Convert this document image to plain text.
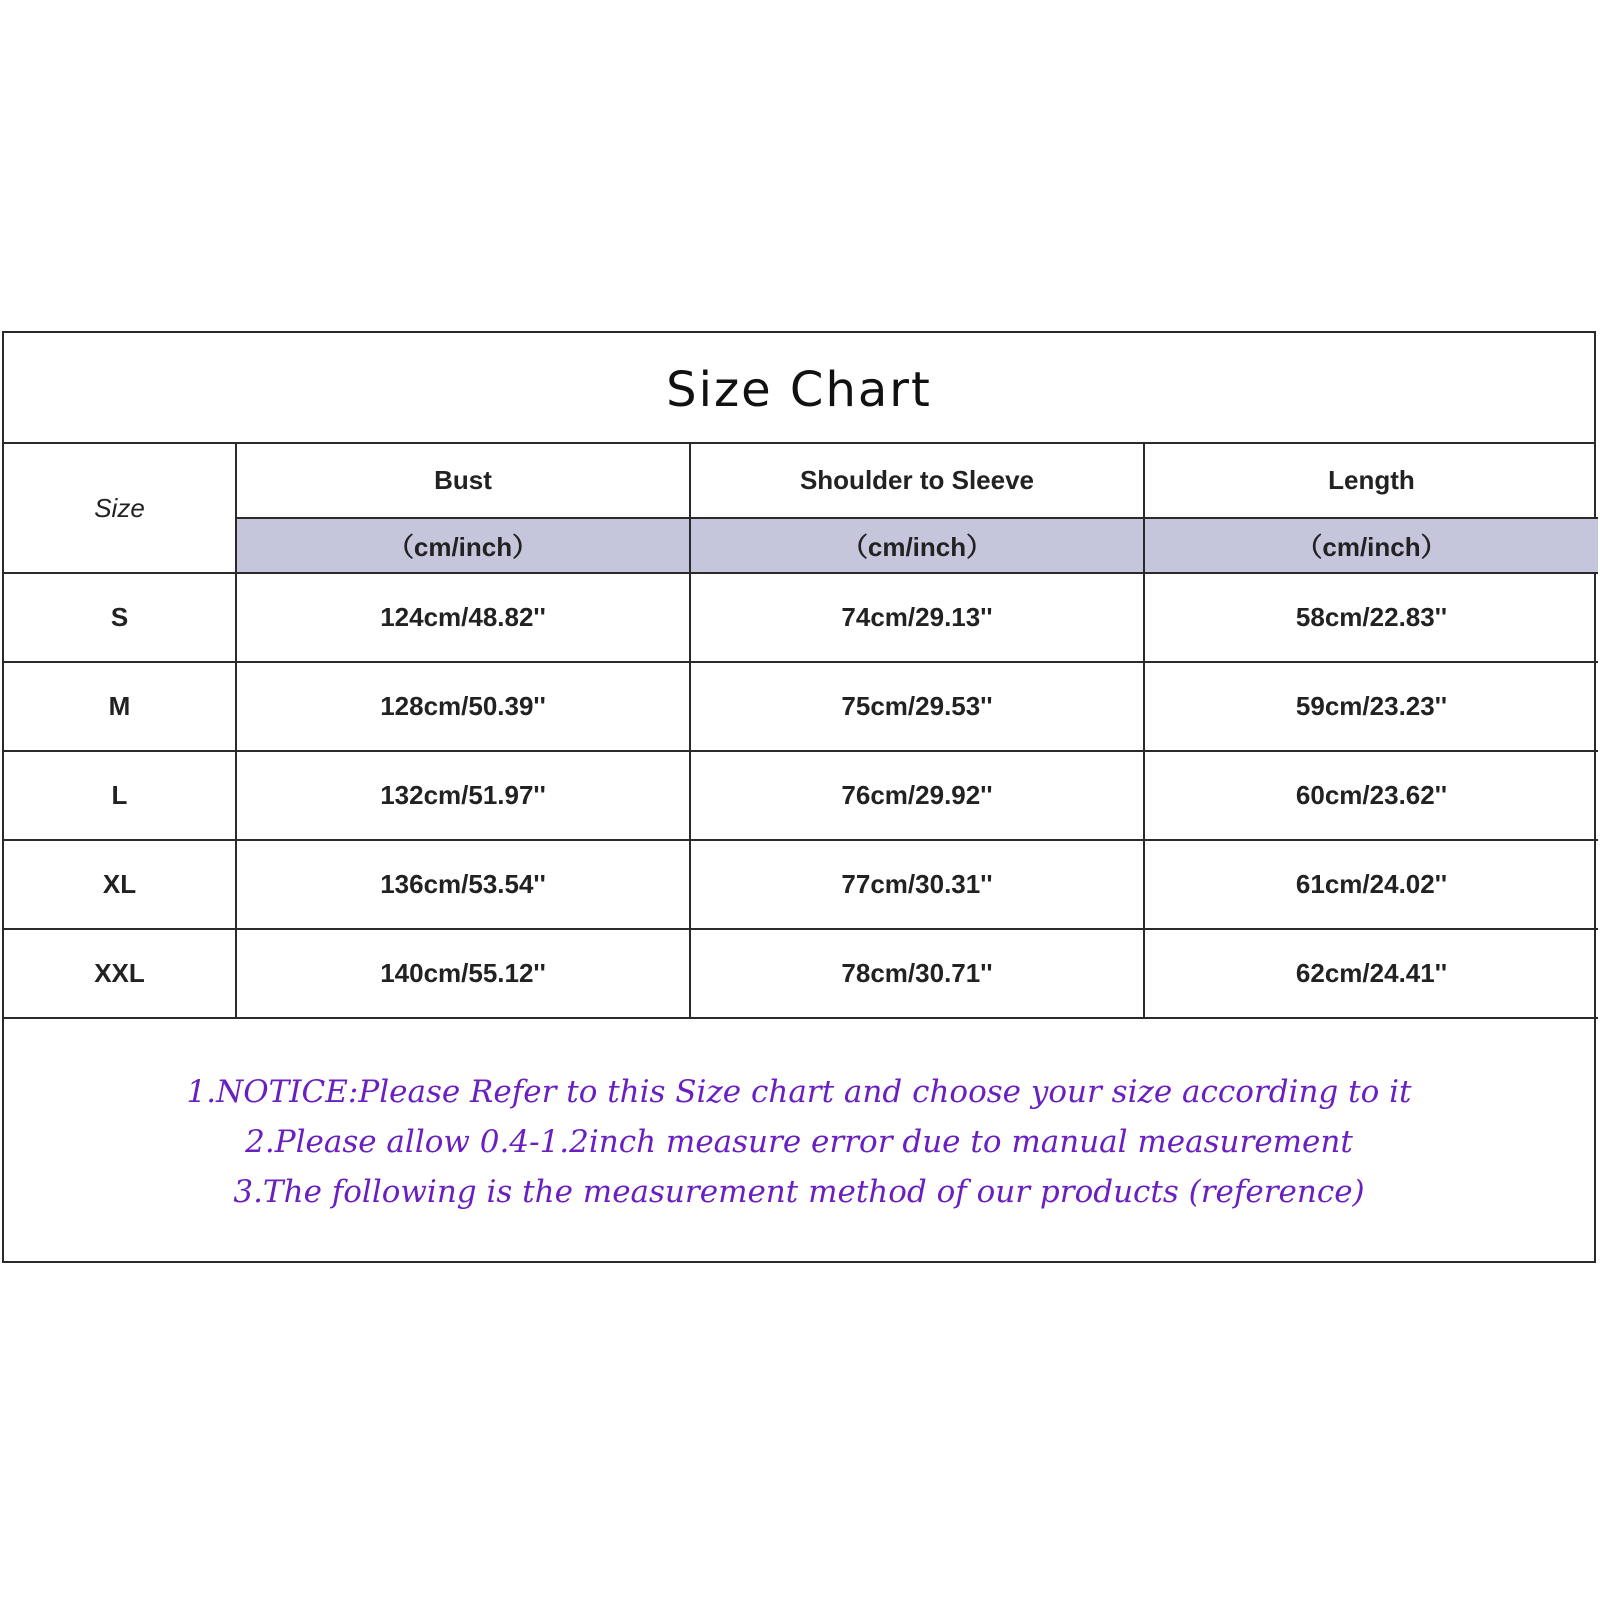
Size Chart
Size	Bust	Shoulder to Sleeve	Length
	（cm/inch）	（cm/inch）	（cm/inch）
S	124cm/48.82''	74cm/29.13''	58cm/22.83''
M	128cm/50.39''	75cm/29.53''	59cm/23.23''
L	132cm/51.97''	76cm/29.92''	60cm/23.62''
XL	136cm/53.54''	77cm/30.31''	61cm/24.02''
XXL	140cm/55.12''	78cm/30.71''	62cm/24.41''
1.NOTICE:Please Refer to this Size chart and choose your size according to it
2.Please allow 0.4-1.2inch measure error due to manual measurement
3.The following is the measurement method of our products (reference)
